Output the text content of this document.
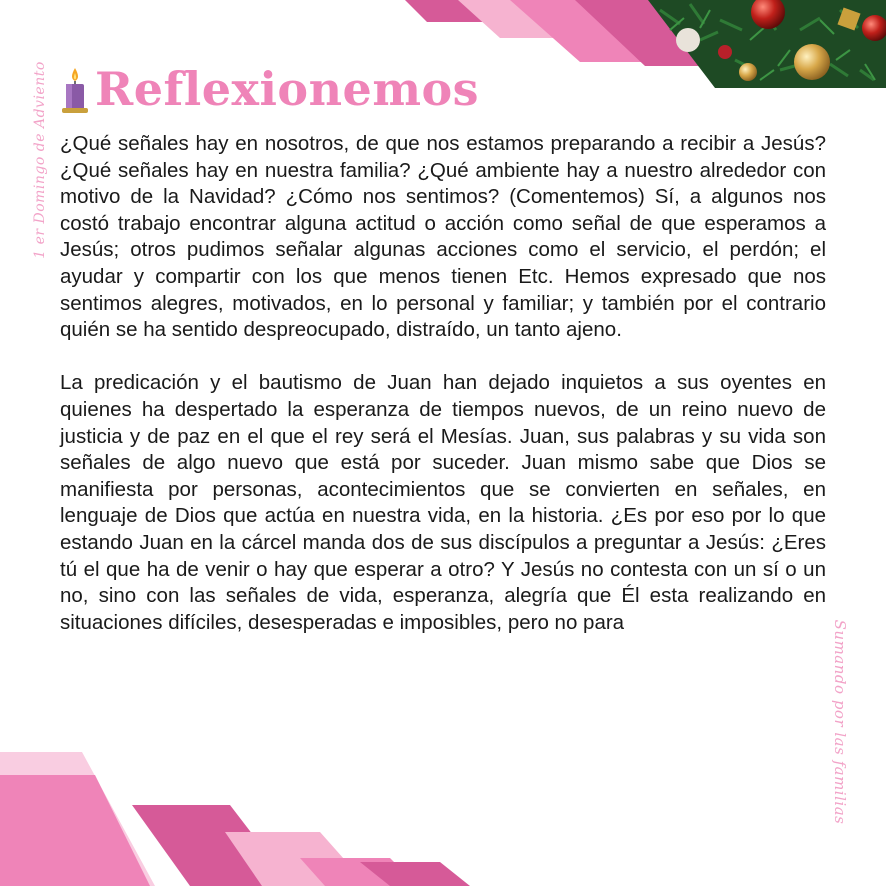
Reflexionemos
1 er Domingo de Adviento
Sumando por las familias

¿Qué señales hay en nosotros, de que nos estamos preparando a recibir a Jesús? ¿Qué señales hay en nuestra familia? ¿Qué ambiente hay a nuestro alrededor con motivo de la Navidad? ¿Cómo nos sentimos? (Comentemos) Sí, a algunos nos costó trabajo encontrar alguna actitud o acción como señal de que esperamos a Jesús; otros pudimos señalar algunas acciones como el servicio, el perdón; el ayudar y compartir con los que menos tienen Etc. Hemos expresado que nos sentimos alegres, motivados, en lo personal y familiar; y también por el contrario quién se ha sentido despreocupado, distraído, un tanto ajeno.

La predicación y el bautismo de Juan han dejado inquietos a sus oyentes en quienes ha despertado la esperanza de tiempos nuevos, de un reino nuevo de justicia y de paz en el que el rey será el Mesías. Juan, sus palabras y su vida son señales de algo nuevo que está por suceder. Juan mismo sabe que Dios se manifiesta por personas, acontecimientos que se convierten en señales, en lenguaje de Dios que actúa en nuestra vida, en la historia. ¿Es por eso por lo que estando Juan en la cárcel manda dos de sus discípulos a preguntar a Jesús: ¿Eres tú el que ha de venir o hay que esperar a otro? Y Jesús no contesta con un sí o un no, sino con las señales de vida, esperanza, alegría que Él esta realizando en situaciones difíciles, desesperadas e imposibles, pero no para
